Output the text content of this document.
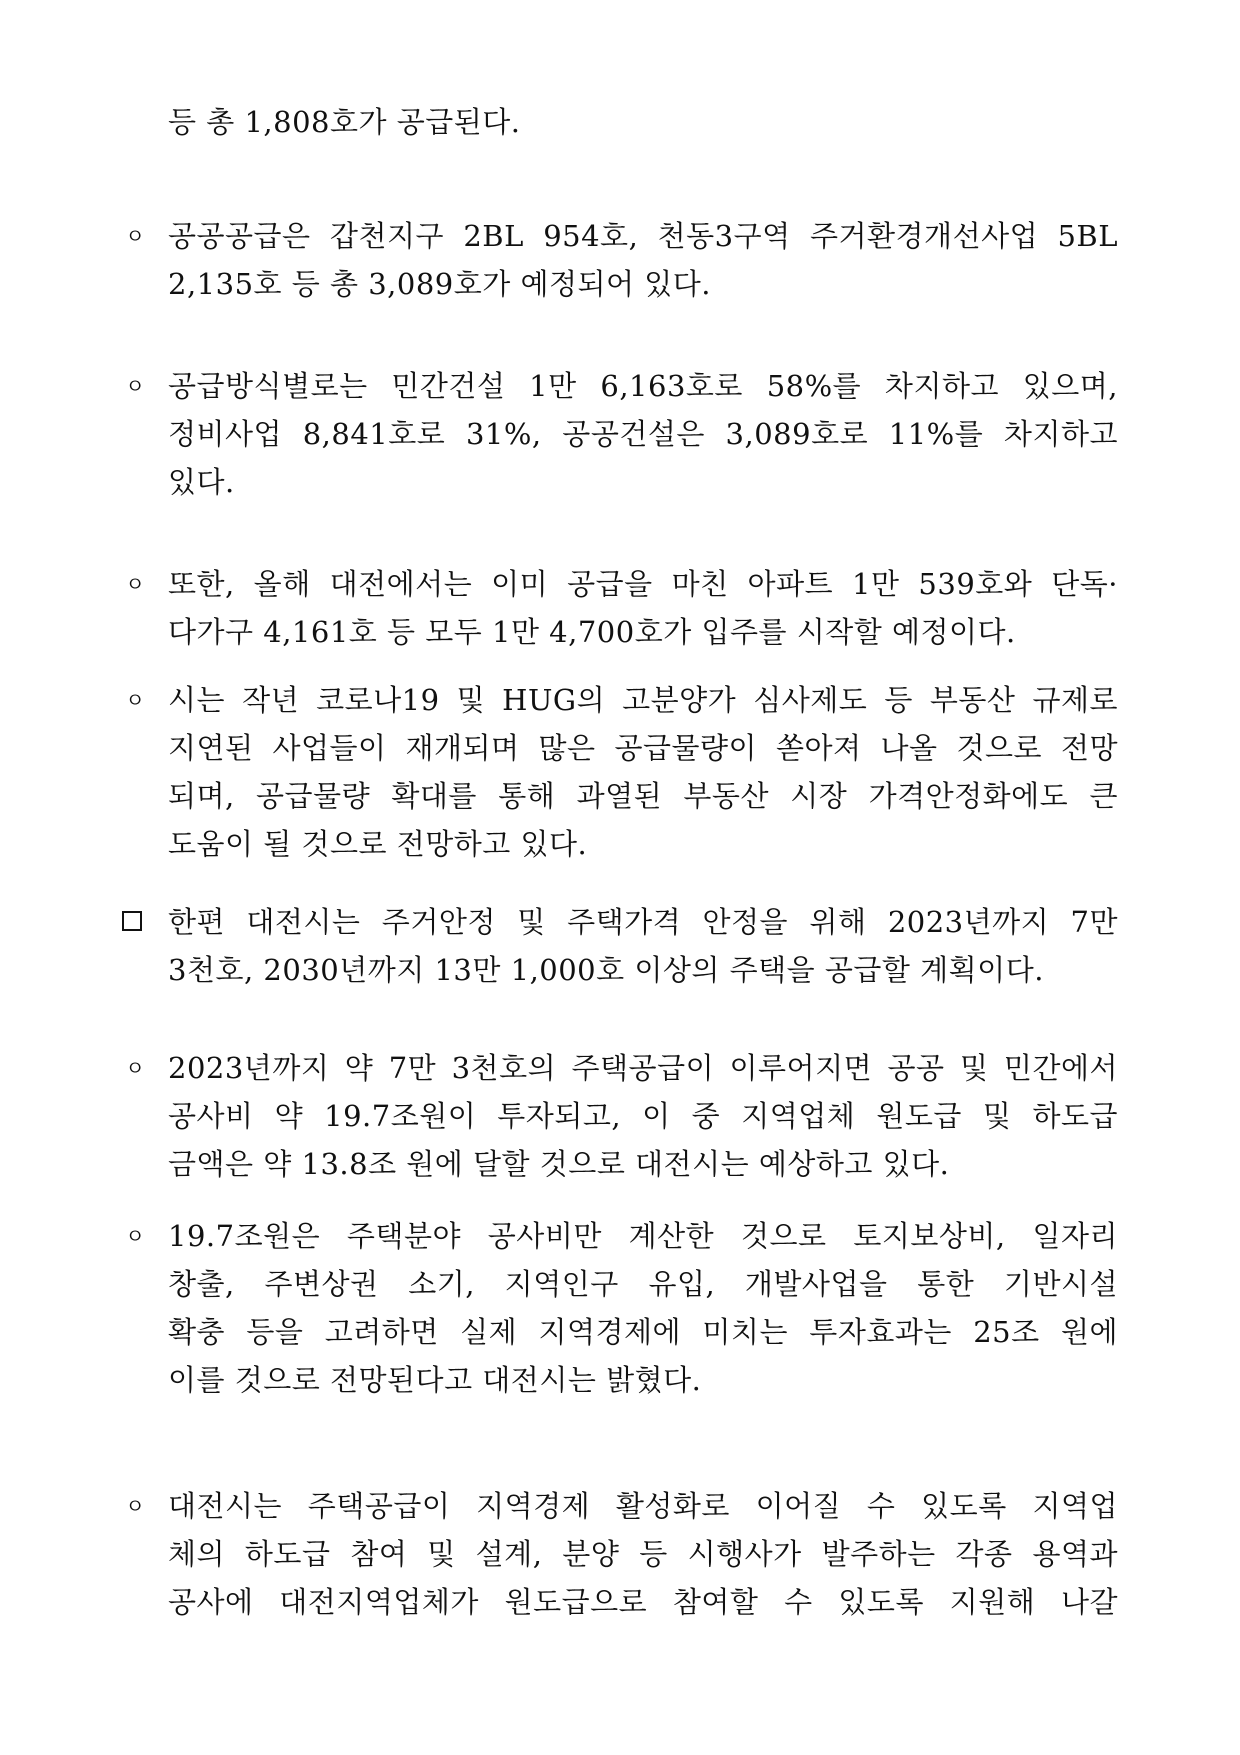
등 총 1,808호가 공급된다.
ㅇ 공공공급은 갑천지구 2BL 954호, 천동3구역 주거환경개선사업 5BL
2,135호 등 총 3,089호가 예정되어 있다.
ㅇ 공급방식별로는 민간건설 1만 6,163호로 58%를 차지하고 있으며,
정비사업 8,841호로 31%, 공공건설은 3,089호로 11%를 차지하고
있다.
ㅇ 또한, 올해 대전에서는 이미 공급을 마친 아파트 1만 539호와 단독·
다가구 4,161호 등 모두 1만 4,700호가 입주를 시작할 예정이다.
ㅇ 시는 작년 코로나19 및 HUG의 고분양가 심사제도 등 부동산 규제로
지연된 사업들이 재개되며 많은 공급물량이 쏟아져 나올 것으로 전망
되며, 공급물량 확대를 통해 과열된 부동산 시장 가격안정화에도 큰
도움이 될 것으로 전망하고 있다.
한편 대전시는 주거안정 및 주택가격 안정을 위해 2023년까지 7만
3천호, 2030년까지 13만 1,000호 이상의 주택을 공급할 계획이다.
ㅇ 2023년까지 약 7만 3천호의 주택공급이 이루어지면 공공 및 민간에서
공사비 약 19.7조원이 투자되고, 이 중 지역업체 원도급 및 하도급
금액은 약 13.8조 원에 달할 것으로 대전시는 예상하고 있다.
ㅇ 19.7조원은 주택분야 공사비만 계산한 것으로 토지보상비, 일자리
창출, 주변상권 소기, 지역인구 유입, 개발사업을 통한 기반시설
확충 등을 고려하면 실제 지역경제에 미치는 투자효과는 25조 원에
이를 것으로 전망된다고 대전시는 밝혔다.
ㅇ 대전시는 주택공급이 지역경제 활성화로 이어질 수 있도록 지역업
체의 하도급 참여 및 설계, 분양 등 시행사가 발주하는 각종 용역과
공사에 대전지역업체가 원도급으로 참여할 수 있도록 지원해 나갈
